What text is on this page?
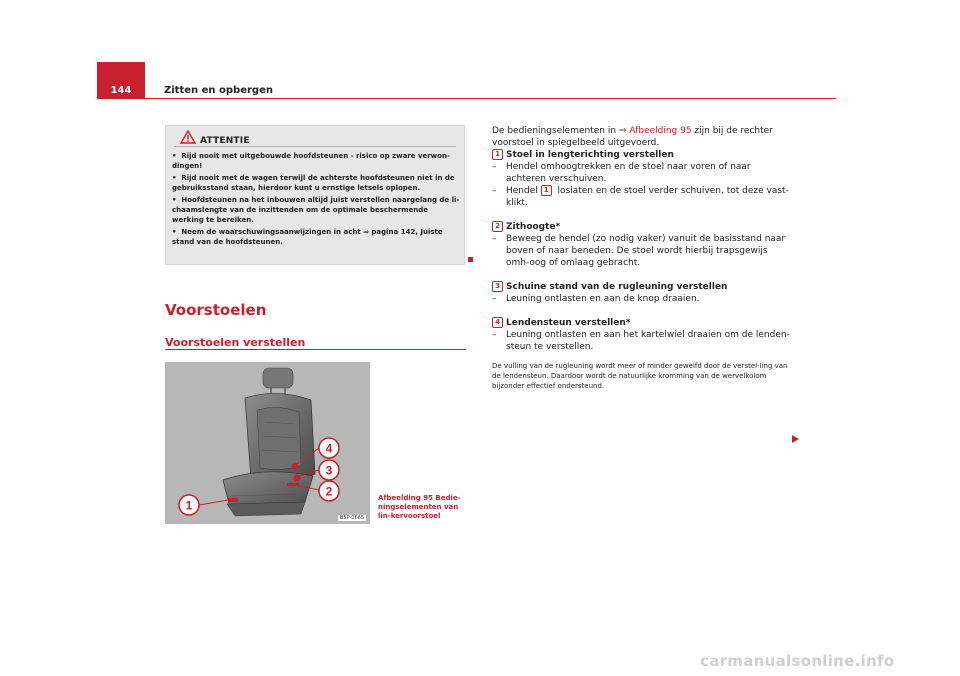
144	Zitten en opbergen
ATTENTIE

•  Rijd nooit met uitgebouwde hoofdsteunen - risico op zware verwon-dingen!

•  Rijd nooit met de wagen terwijl de achterste hoofdsteunen niet in de gebruiksstand staan, hierdoor kunt u ernstige letsels oplopen.

•  Hoofdsteunen na het inbouwen altijd juist verstellen naargelang de li-chaamslengte van de inzittenden om de optimale beschermende werking te bereiken.

•  Neem de waarschuwingsaanwijzingen in acht ⇒ pagina 142, Juiste stand van de hoofdsteunen.

Voorstoelen
Voorstoelen verstellen
1
2
3
4
B5P-0665
Afbeelding 95 Bedie-ningselementen van lin-kervoorstoel

De bedieningselementen in ⇒ Afbeelding 95 zijn bij de rechter voorstoel in spiegelbeeld uitgevoerd.

1 Stoel in lengterichting verstellen

– Hendel omhoogtrekken en de stoel naar voren of naar achteren verschuiven.

– Hendel 1 loslaten en de stoel verder schuiven, tot deze vast-klikt.

2 Zithoogte*

– Beweeg de hendel (zo nodig vaker) vanuit de basisstand naar boven of naar beneden. De stoel wordt hierbij trapsgewijs omh-oog of omlaag gebracht.

3 Schuine stand van de rugleuning verstellen

– Leuning ontlasten en aan de knop draaien.

4 Lendensteun verstellen*

– Leuning ontlasten en aan het kartelwiel draaien om de lenden-steun te verstellen.

De vulling van de rugleuning wordt meer of minder gewelfd door de verstel-ling van de lendensteun. Daardoor wordt de natuurlijke kromming van de wervelkolom bijzonder effectief ondersteund.

carmanualsonline.info
